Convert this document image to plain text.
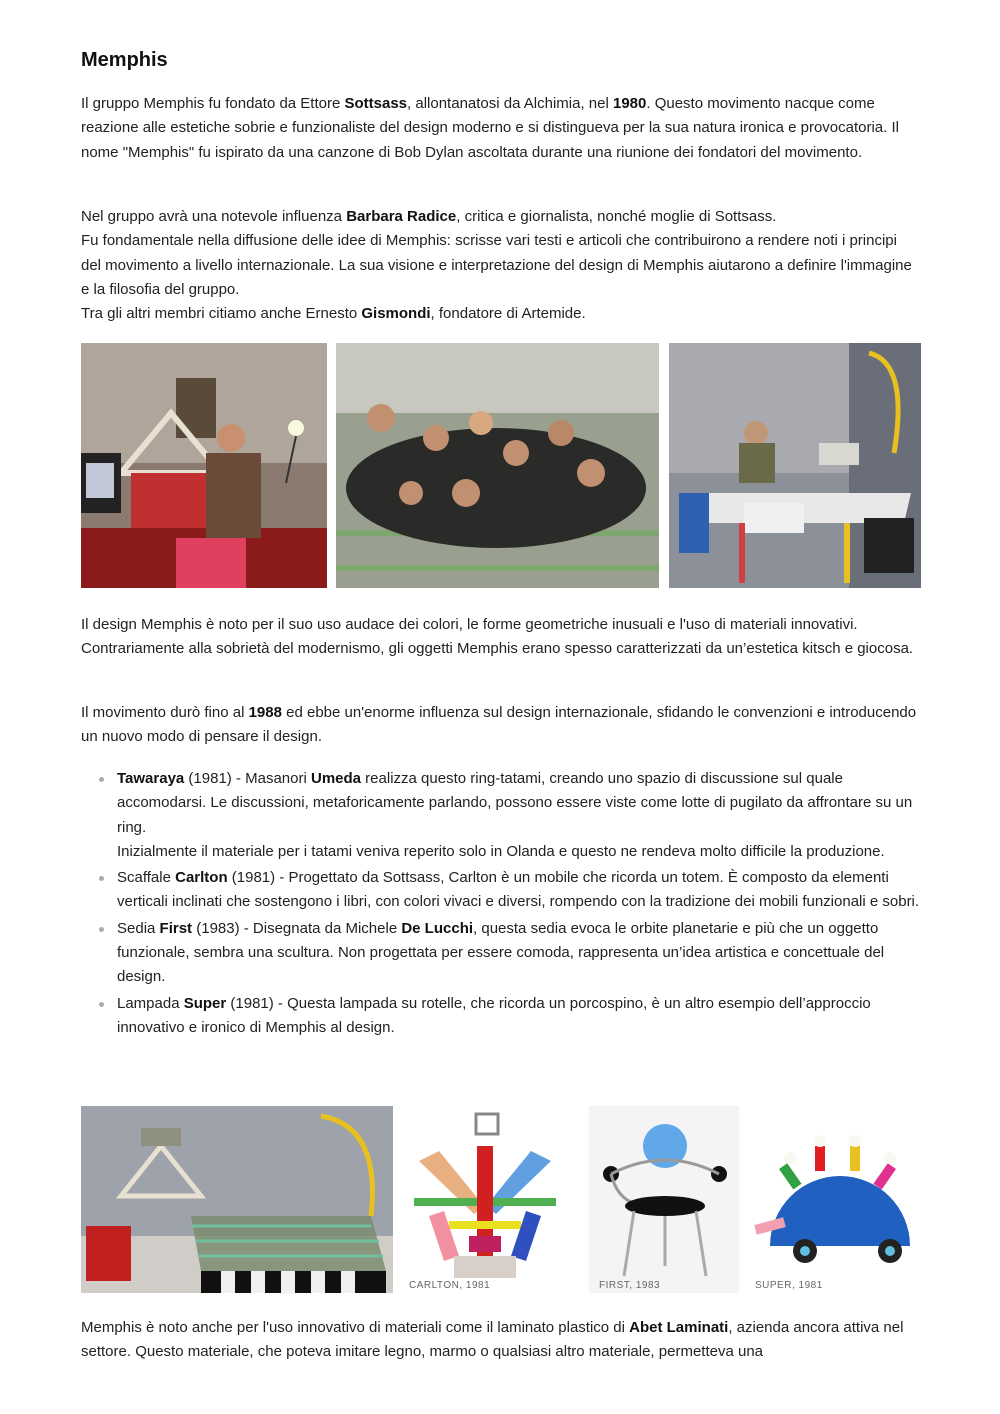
Memphis

Il gruppo Memphis fu fondato da Ettore Sottsass, allontanatosi da Alchimia, nel 1980. Questo movimento nacque come reazione alle estetiche sobrie e funzionaliste del design moderno e si distingueva per la sua natura ironica e provocatoria. Il nome "Memphis" fu ispirato da una canzone di Bob Dylan ascoltata durante una riunione dei fondatori del movimento.

Nel gruppo avrà una notevole influenza Barbara Radice, critica e giornalista, nonché moglie di Sottsass.
Fu fondamentale nella diffusione delle idee di Memphis: scrisse vari testi e articoli che contribuirono a rendere noti i principi del movimento a livello internazionale. La sua visione e interpretazione del design di Memphis aiutarono a definire l'immagine e la filosofia del gruppo.
Tra gli altri membri citiamo anche Ernesto Gismondi, fondatore di Artemide.

Il design Memphis è noto per il suo uso audace dei colori, le forme geometriche inusuali e l'uso di materiali innovativi. Contrariamente alla sobrietà del modernismo, gli oggetti Memphis erano spesso caratterizzati da un’estetica kitsch e giocosa.

Il movimento durò fino al 1988 ed ebbe un'enorme influenza sul design internazionale, sfidando le convenzioni e introducendo un nuovo modo di pensare il design.

Tawaraya (1981) - Masanori Umeda realizza questo ring-tatami, creando uno spazio di discussione sul quale accomodarsi. Le discussioni, metaforicamente parlando, possono essere viste come lotte di pugilato da affrontare su un ring.
Inizialmente il materiale per i tatami veniva reperito solo in Olanda e questo ne rendeva molto difficile la produzione.
Scaffale Carlton (1981) - Progettato da Sottsass, Carlton è un mobile che ricorda un totem. È composto da elementi verticali inclinati che sostengono i libri, con colori vivaci e diversi, rompendo con la tradizione dei mobili funzionali e sobri.
Sedia First (1983) - Disegnata da Michele De Lucchi, questa sedia evoca le orbite planetarie e più che un oggetto funzionale, sembra una scultura. Non progettata per essere comoda, rappresenta un’idea artistica e concettuale del design.
Lampada Super (1981) - Questa lampada su rotelle, che ricorda un porcospino, è un altro esempio dell’approccio innovativo e ironico di Memphis al design.
CARLTON, 1981	FIRST, 1983	SUPER, 1981

Memphis è noto anche per l'uso innovativo di materiali come il laminato plastico di Abet Laminati, azienda ancora attiva nel settore. Questo materiale, che poteva imitare legno, marmo o qualsiasi altro materiale, permetteva una
